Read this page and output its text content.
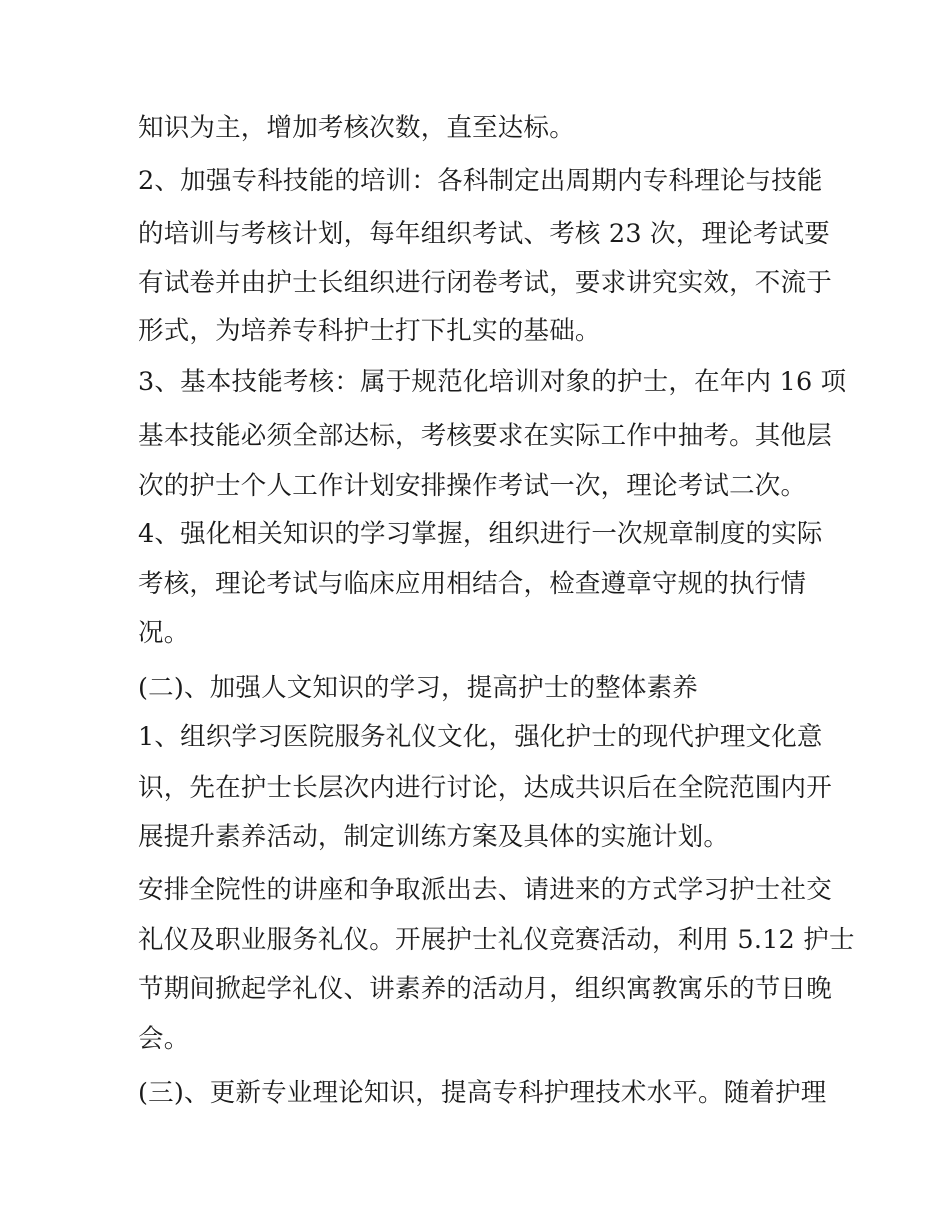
知识为主，增加考核次数，直至达标。
2、加强专科技能的培训：各科制定出周期内专科理论与技能
的培训与考核计划，每年组织考试、考核 23 次，理论考试要
有试卷并由护士长组织进行闭卷考试，要求讲究实效，不流于
形式，为培养专科护士打下扎实的基础。
3、基本技能考核：属于规范化培训对象的护士，在年内 16 项
基本技能必须全部达标，考核要求在实际工作中抽考。其他层
次的护士个人工作计划安排操作考试一次，理论考试二次。
4、强化相关知识的学习掌握，组织进行一次规章制度的实际
考核，理论考试与临床应用相结合，检查遵章守规的执行情
况。
(二)、加强人文知识的学习，提高护士的整体素养
1、组织学习医院服务礼仪文化，强化护士的现代护理文化意
识，先在护士长层次内进行讨论，达成共识后在全院范围内开
展提升素养活动，制定训练方案及具体的实施计划。
安排全院性的讲座和争取派出去、请进来的方式学习护士社交
礼仪及职业服务礼仪。开展护士礼仪竞赛活动，利用 5.12 护士
节期间掀起学礼仪、讲素养的活动月，组织寓教寓乐的节日晚
会。
(三)、更新专业理论知识，提高专科护理技术水平。随着护理
